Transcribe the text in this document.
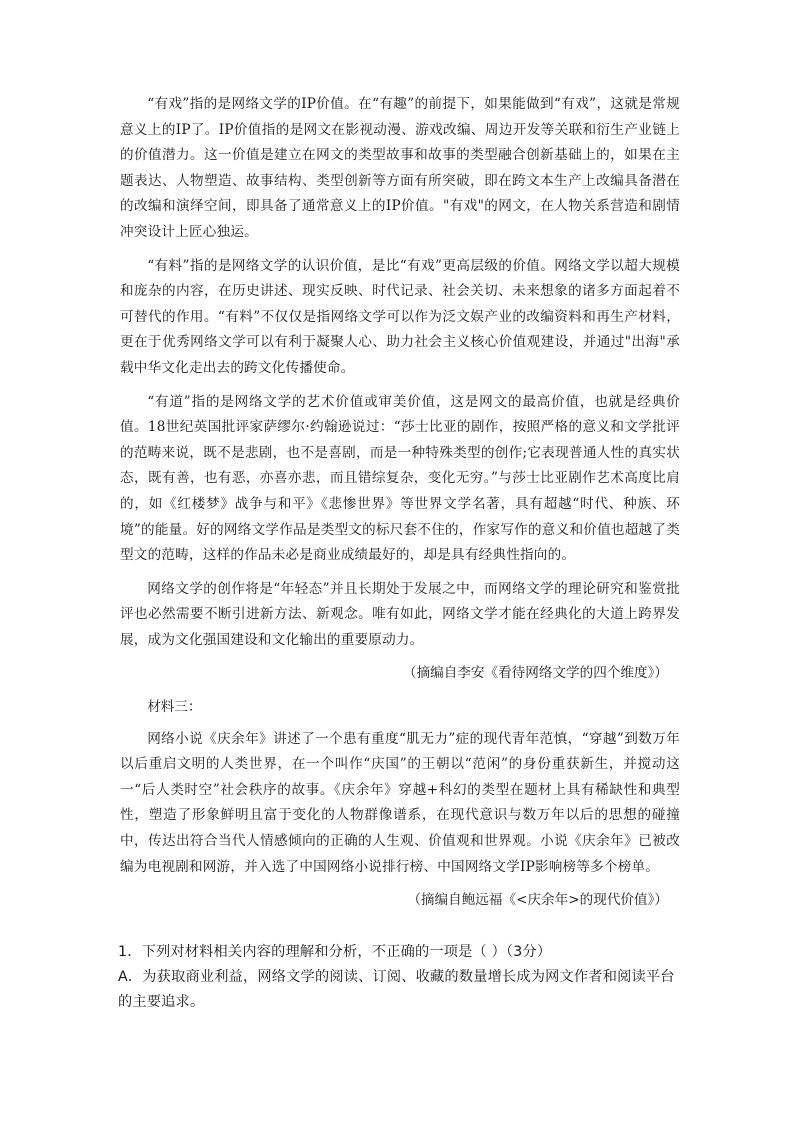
“有戏”指的是网络文学的IP价值。在“有趣”的前提下，如果能做到“有戏”，这就是常规意义上的IP了。IP价值指的是网文在影视动漫、游戏改编、周边开发等关联和衍生产业链上的价值潜力。这一价值是建立在网文的类型故事和故事的类型融合创新基础上的，如果在主题表达、人物塑造、故事结构、类型创新等方面有所突破，即在跨文本生产上改编具备潜在的改编和演绎空间，即具备了通常意义上的IP价值。"有戏"的网文，在人物关系营造和剧情冲突设计上匠心独运。

“有料”指的是网络文学的认识价值，是比“有戏”更高层级的价值。网络文学以超大规模和庞杂的内容，在历史讲述、现实反映、时代记录、社会关切、未来想象的诸多方面起着不可替代的作用。“有料”不仅仅是指网络文学可以作为泛文娱产业的改编资料和再生产材料，更在于优秀网络文学可以有利于凝聚人心、助力社会主义核心价值观建设，并通过"出海"承载中华文化走出去的跨文化传播使命。

“有道”指的是网络文学的艺术价值或审美价值，这是网文的最高价值，也就是经典价值。18世纪英国批评家萨缪尔·约翰逊说过：“莎士比亚的剧作，按照严格的意义和文学批评的范畴来说，既不是悲剧，也不是喜剧，而是一种特殊类型的创作;它表现普通人性的真实状态，既有善，也有恶，亦喜亦悲，而且错综复杂，变化无穷。”与莎士比亚剧作艺术高度比肩的，如《红楼梦》战争与和平》《悲惨世界》等世界文学名著，具有超越“时代、种族、环境”的能量。好的网络文学作品是类型文的标尺套不住的，作家写作的意义和价值也超越了类型文的范畴，这样的作品未必是商业成绩最好的，却是具有经典性指向的。

网络文学的创作将是“年轻态”并且长期处于发展之中，而网络文学的理论研究和鉴赏批评也必然需要不断引进新方法、新观念。唯有如此，网络文学才能在经典化的大道上跨界发展，成为文化强国建设和文化输出的重要原动力。

（摘编自李安《看待网络文学的四个维度》）

材料三：

网络小说《庆余年》讲述了一个患有重度“肌无力”症的现代青年范慎，“穿越”到数万年以后重启文明的人类世界，在一个叫作“庆国”的王朝以“范闲”的身份重获新生，并搅动这一“后人类时空”社会秩序的故事。《庆余年》穿越+科幻的类型在题材上具有稀缺性和典型性，塑造了形象鲜明且富于变化的人物群像谱系，在现代意识与数万年以后的思想的碰撞中，传达出符合当代人情感倾向的正确的人生观、价值观和世界观。小说《庆余年》已被改编为电视剧和网游，并入选了中国网络小说排行榜、中国网络文学IP影响榜等多个榜单。

（摘编自鲍远福《<庆余年>的现代价值》）

1．下列对材料相关内容的理解和分析，不正确的一项是（ ）（3分）

A．为获取商业利益，网络文学的阅读、订阅、收藏的数量增长成为网文作者和阅读平台的主要追求。
